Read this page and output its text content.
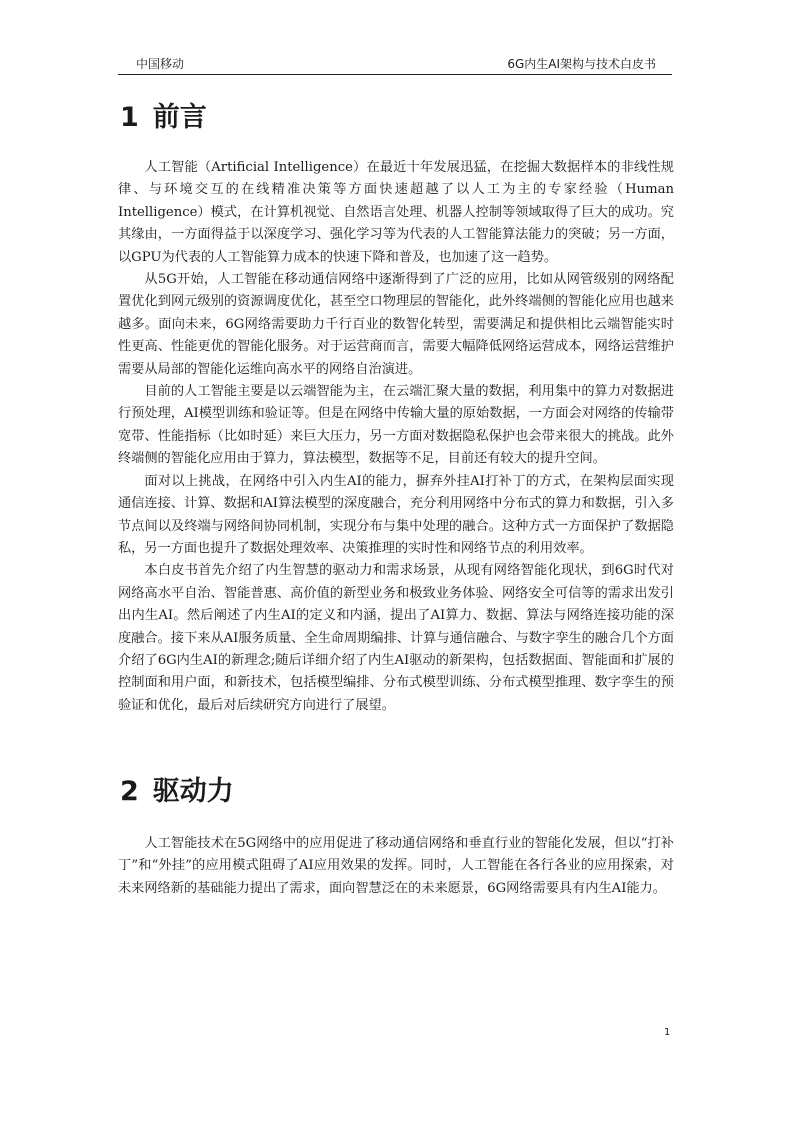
中国移动	6G内生AI架构与技术白皮书
1 前言

人工智能（Artificial Intelligence）在最近十年发展迅猛，在挖掘大数据样本的非线性规律、与环境交互的在线精准决策等方面快速超越了以人工为主的专家经验（Human Intelligence）模式，在计算机视觉、自然语言处理、机器人控制等领域取得了巨大的成功。究其缘由，一方面得益于以深度学习、强化学习等为代表的人工智能算法能力的突破；另一方面，以GPU为代表的人工智能算力成本的快速下降和普及，也加速了这一趋势。

从5G开始，人工智能在移动通信网络中逐渐得到了广泛的应用，比如从网管级别的网络配置优化到网元级别的资源调度优化，甚至空口物理层的智能化，此外终端侧的智能化应用也越来越多。面向未来，6G网络需要助力千行百业的数智化转型，需要满足和提供相比云端智能实时性更高、性能更优的智能化服务。对于运营商而言，需要大幅降低网络运营成本，网络运营维护需要从局部的智能化运维向高水平的网络自治演进。

目前的人工智能主要是以云端智能为主，在云端汇聚大量的数据，利用集中的算力对数据进行预处理，AI模型训练和验证等。但是在网络中传输大量的原始数据，一方面会对网络的传输带宽带、性能指标（比如时延）来巨大压力，另一方面对数据隐私保护也会带来很大的挑战。此外终端侧的智能化应用由于算力，算法模型，数据等不足，目前还有较大的提升空间。

面对以上挑战，在网络中引入内生AI的能力，摒弃外挂AI打补丁的方式，在架构层面实现通信连接、计算、数据和AI算法模型的深度融合，充分利用网络中分布式的算力和数据，引入多节点间以及终端与网络间协同机制，实现分布与集中处理的融合。这种方式一方面保护了数据隐私，另一方面也提升了数据处理效率、决策推理的实时性和网络节点的利用效率。

本白皮书首先介绍了内生智慧的驱动力和需求场景，从现有网络智能化现状，到6G时代对网络高水平自治、智能普惠、高价值的新型业务和极致业务体验、网络安全可信等的需求出发引出内生AI。然后阐述了内生AI的定义和内涵，提出了AI算力、数据、算法与网络连接功能的深度融合。接下来从AI服务质量、全生命周期编排、计算与通信融合、与数字孪生的融合几个方面介绍了6G内生AI的新理念;随后详细介绍了内生AI驱动的新架构，包括数据面、智能面和扩展的控制面和用户面，和新技术，包括模型编排、分布式模型训练、分布式模型推理、数字孪生的预验证和优化，最后对后续研究方向进行了展望。

2 驱动力

人工智能技术在5G网络中的应用促进了移动通信网络和垂直行业的智能化发展，但以“打补丁”和“外挂”的应用模式阻碍了AI应用效果的发挥。同时，人工智能在各行各业的应用探索，对未来网络新的基础能力提出了需求，面向智慧泛在的未来愿景，6G网络需要具有内生AI能力。

1
